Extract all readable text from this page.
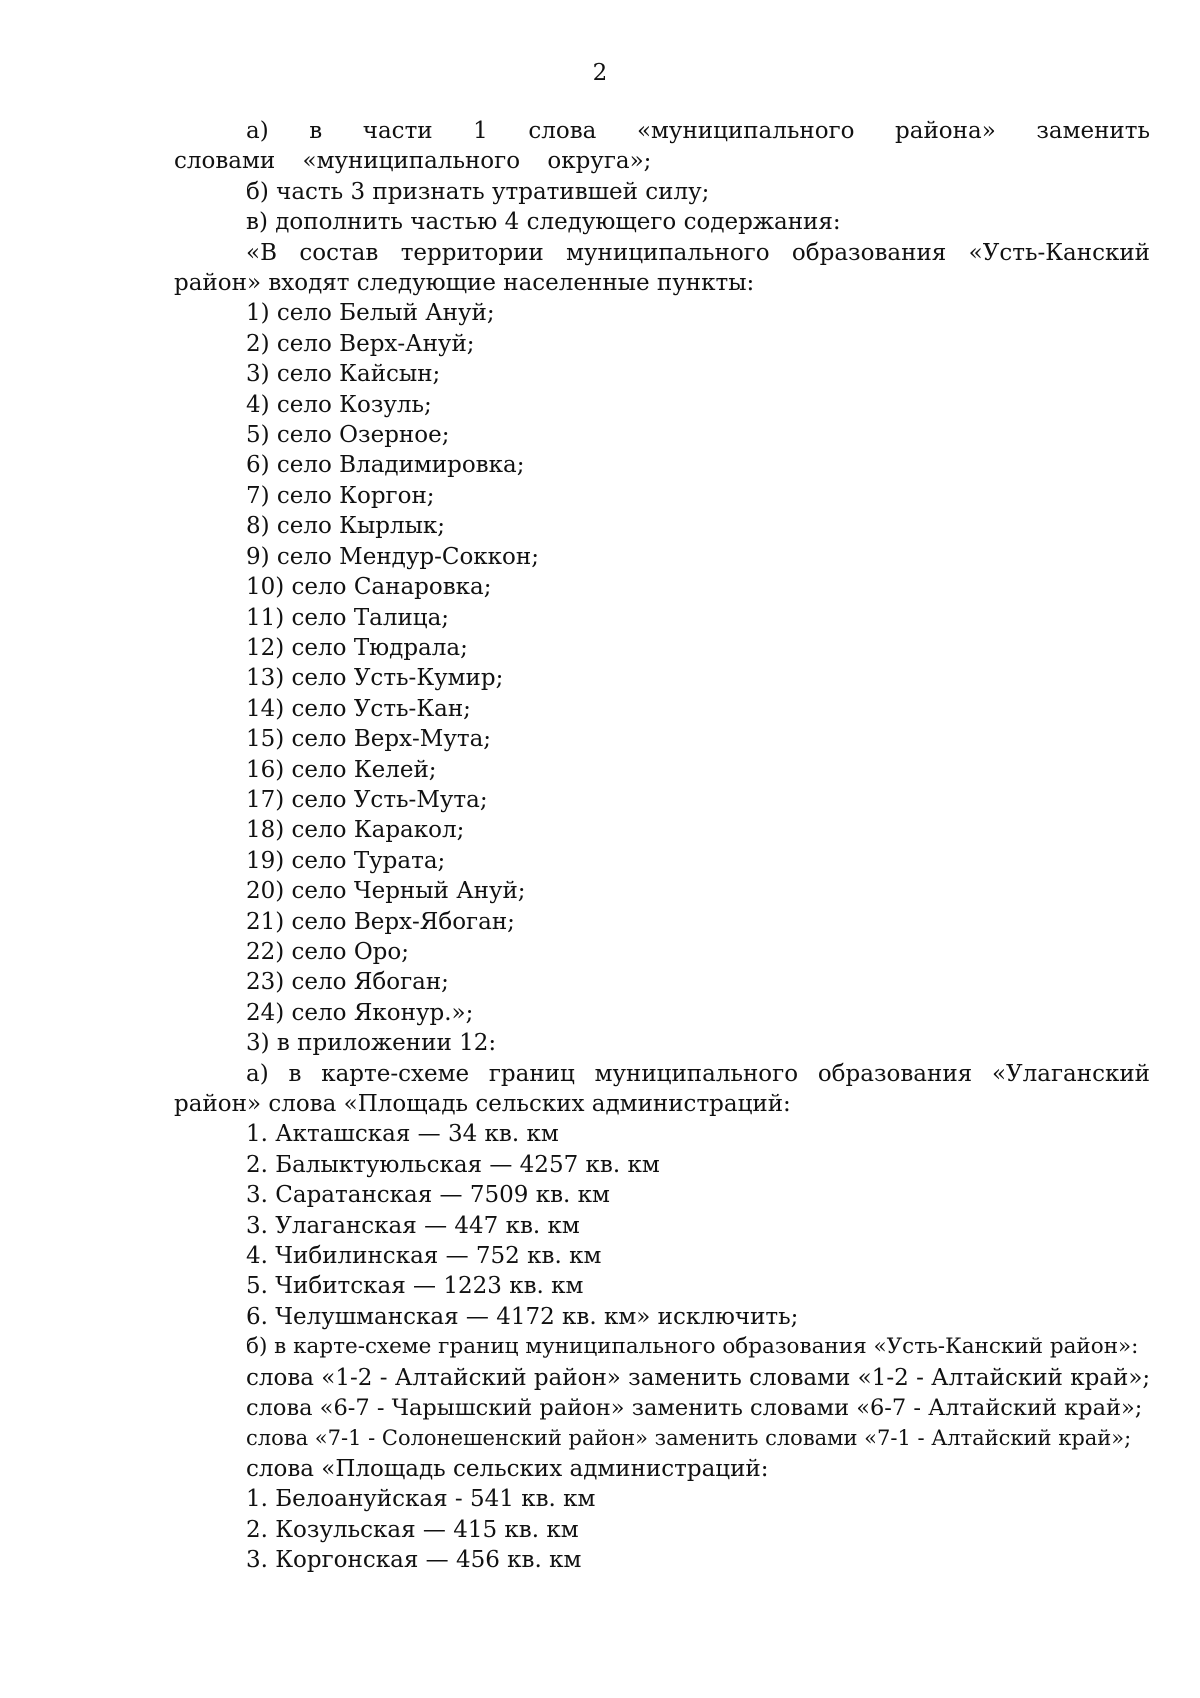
2

а) в части 1 слова «муниципального района» заменить словами «муниципального округа»;

б) часть 3 признать утратившей силу;

в) дополнить частью 4 следующего содержания:

«В состав территории муниципального образования «Усть-Канский район» входят следующие населенные пункты:

1) село Белый Ануй;

2) село Верх-Ануй;

3) село Кайсын;

4) село Козуль;

5) село Озерное;

6) село Владимировка;

7) село Коргон;

8) село Кырлык;

9) село Мендур-Соккон;

10) село Санаровка;

11) село Талица;

12) село Тюдрала;

13) село Усть-Кумир;

14) село Усть-Кан;

15) село Верх-Мута;

16) село Келей;

17) село Усть-Мута;

18) село Каракол;

19) село Турата;

20) село Черный Ануй;

21) село Верх-Ябоган;

22) село Оро;

23) село Ябоган;

24) село Яконур.»;

3) в приложении 12:

а) в карте-схеме границ муниципального образования «Улаганский район» слова «Площадь сельских администраций:

1. Акташская — 34 кв. км

2. Балыктуюльская — 4257 кв. км

3. Саратанская — 7509 кв. км

3. Улаганская — 447 кв. км

4. Чибилинская — 752 кв. км

5. Чибитская — 1223 кв. км

6. Челушманская — 4172 кв. км» исключить;

б) в карте-схеме границ муниципального образования «Усть-Канский район»:

слова «1-2 - Алтайский район» заменить словами «1-2 - Алтайский край»;

слова «6-7 - Чарышский район» заменить словами «6-7 - Алтайский край»;

слова «7-1 - Солонешенский район» заменить словами «7-1 - Алтайский край»;

слова «Площадь сельских администраций:

1. Белоануйская - 541 кв. км

2. Козульская — 415 кв. км

3. Коргонская — 456 кв. км
